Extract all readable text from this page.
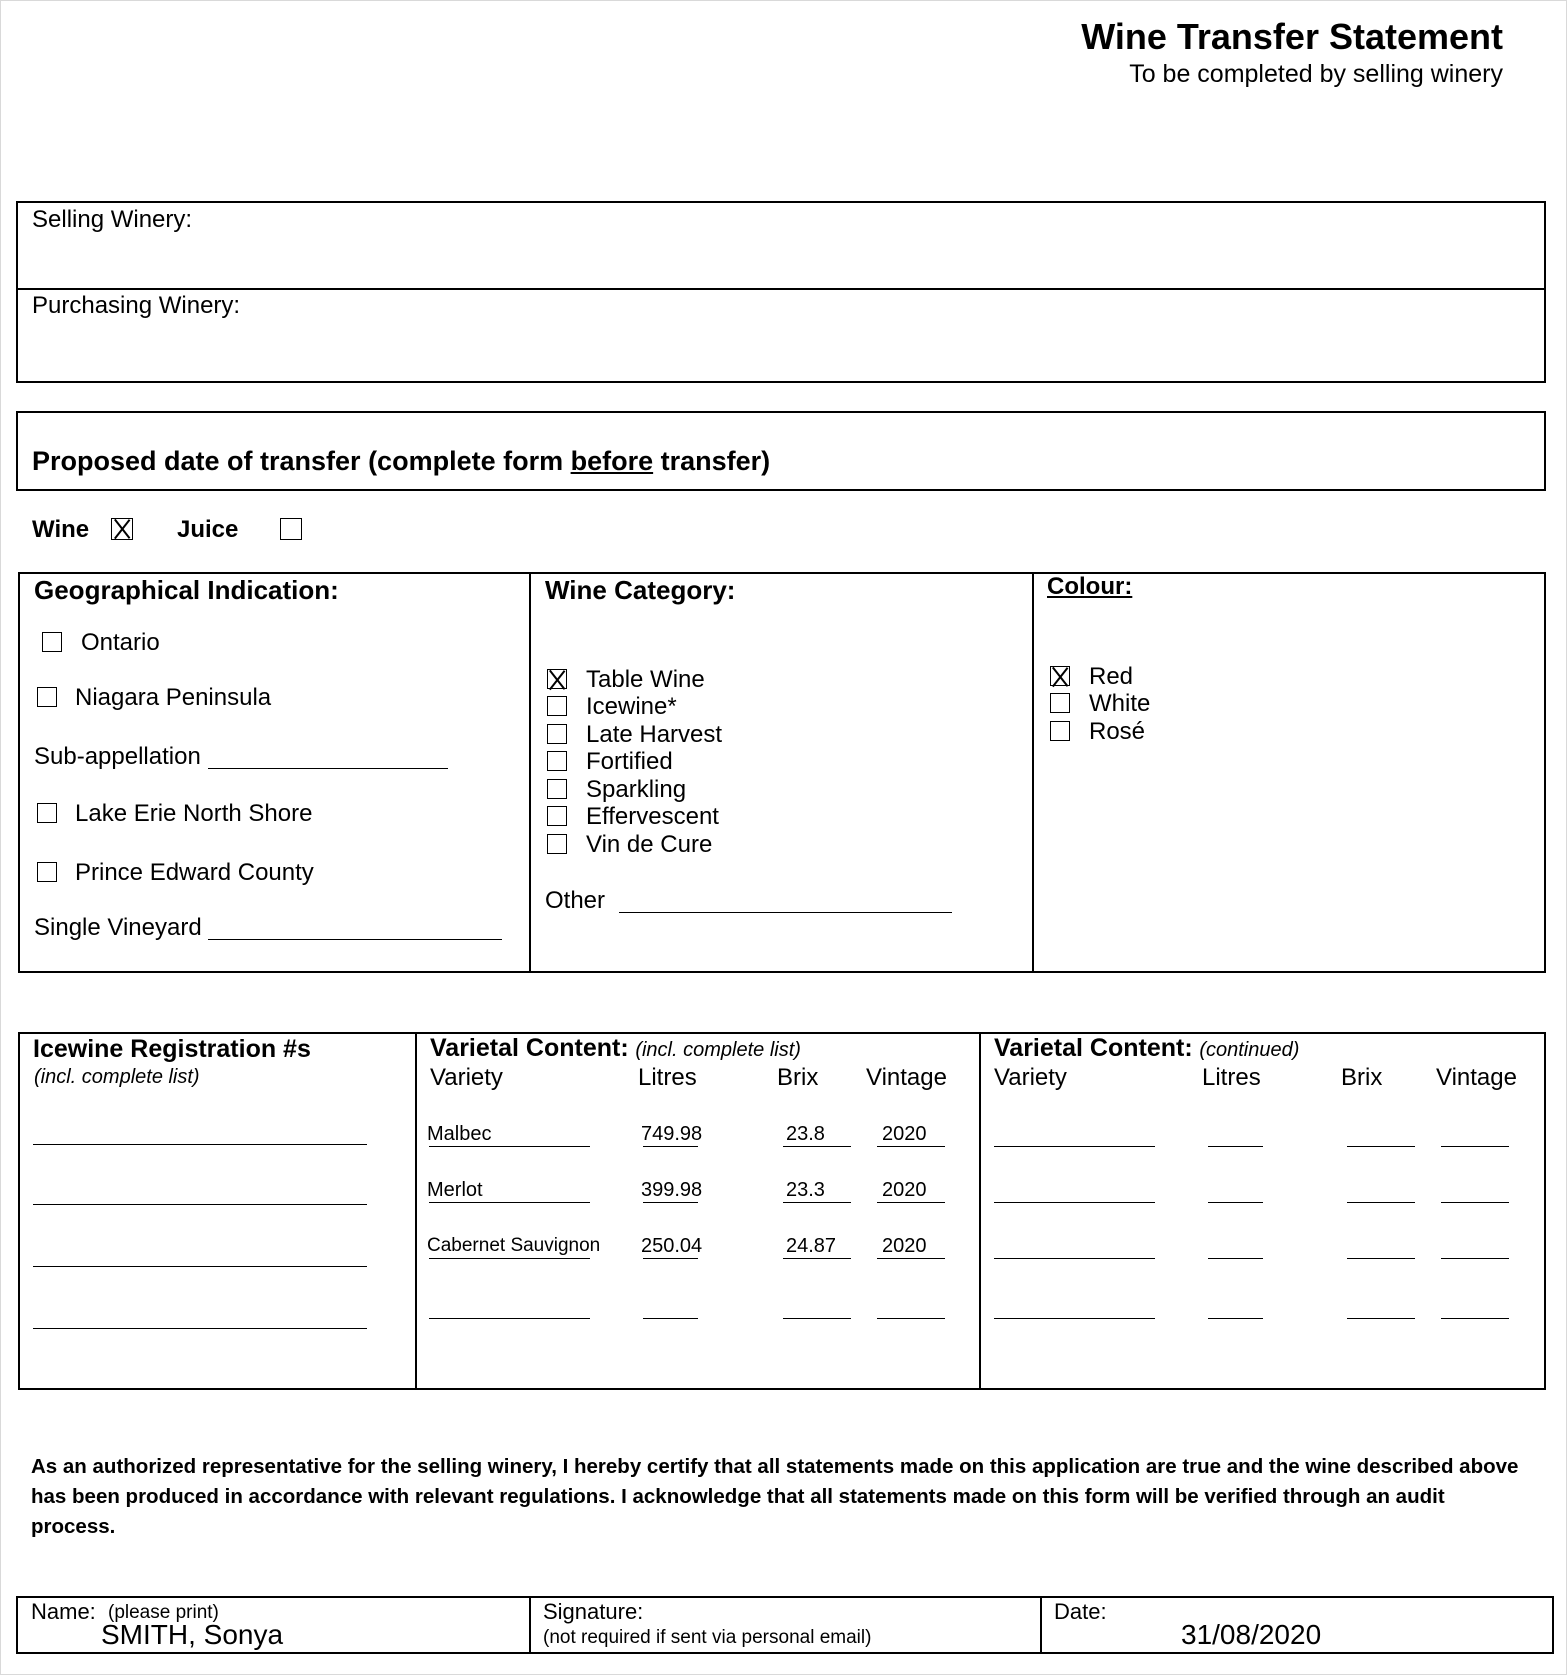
Wine Transfer Statement
To be completed by selling winery
Selling Winery:
Purchasing Winery:
Proposed date of transfer (complete form before transfer)
Wine	Juice
Geographical Indication:
Ontario
Niagara Peninsula
Sub-appellation
Lake Erie North Shore
Prince Edward County
Single Vineyard
Wine Category:
Table Wine
Icewine*
Late Harvest
Fortified
Sparkling
Effervescent
Vin de Cure
Other
Colour:
Red
White
Rosé
Icewine Registration #s
(incl. complete list)
Varietal Content: (incl. complete list)
Variety	Litres	Brix Vintage
Malbec	749.98	23.8	2020
Merlot	399.98	23.3	2020
Cabernet Sauvignon 250.04	24.87 2020
Varietal Content: (continued)
Variety	Litres	Brix Vintage
As an authorized representative for the selling winery, I hereby certify that all statements made on this application are true and the wine described above has been produced in accordance with relevant regulations. I acknowledge that all statements made on this form will be verified through an audit process.
Name: (please print)
SMITH, Sonya
Signature:
(not required if sent via personal email)
Date:
31/08/2020
